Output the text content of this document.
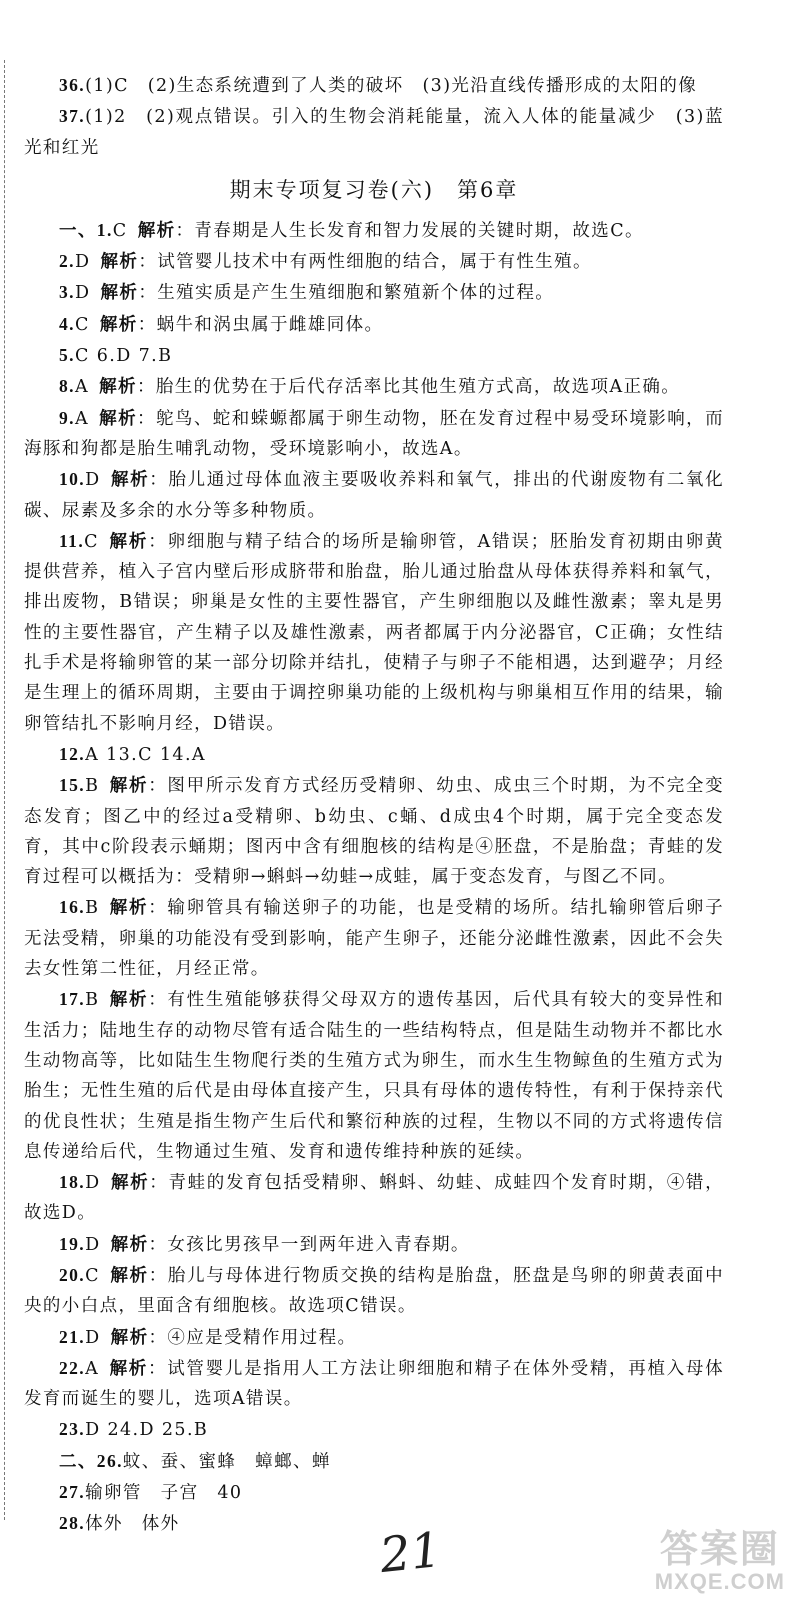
36.(1)C　(2)生态系统遭到了人类的破坏　(3)光沿直线传播形成的太阳的像

37.(1)2　(2)观点错误。引入的生物会消耗能量，流入人体的能量减少　(3)蓝光和红光

期末专项复习卷(六)　第6章

一、1.C  解析：青春期是人生长发育和智力发展的关键时期，故选C。

2.D  解析：试管婴儿技术中有两性细胞的结合，属于有性生殖。

3.D  解析：生殖实质是产生生殖细胞和繁殖新个体的过程。

4.C  解析：蜗牛和涡虫属于雌雄同体。

5.C 6.D 7.B

8.A  解析：胎生的优势在于后代存活率比其他生殖方式高，故选项A正确。

9.A  解析：鸵鸟、蛇和蝾螈都属于卵生动物，胚在发育过程中易受环境影响，而海豚和狗都是胎生哺乳动物，受环境影响小，故选A。

10.D  解析：胎儿通过母体血液主要吸收养料和氧气，排出的代谢废物有二氧化碳、尿素及多余的水分等多种物质。

11.C  解析：卵细胞与精子结合的场所是输卵管，A错误；胚胎发育初期由卵黄提供营养，植入子宫内壁后形成脐带和胎盘，胎儿通过胎盘从母体获得养料和氧气，排出废物，B错误；卵巢是女性的主要性器官，产生卵细胞以及雌性激素；睾丸是男性的主要性器官，产生精子以及雄性激素，两者都属于内分泌器官，C正确；女性结扎手术是将输卵管的某一部分切除并结扎，使精子与卵子不能相遇，达到避孕；月经是生理上的循环周期，主要由于调控卵巢功能的上级机构与卵巢相互作用的结果，输卵管结扎不影响月经，D错误。

12.A 13.C 14.A

15.B  解析：图甲所示发育方式经历受精卵、幼虫、成虫三个时期，为不完全变态发育；图乙中的经过a受精卵、b幼虫、c蛹、d成虫4个时期，属于完全变态发育，其中c阶段表示蛹期；图丙中含有细胞核的结构是④胚盘，不是胎盘；青蛙的发育过程可以概括为：受精卵→蝌蚪→幼蛙→成蛙，属于变态发育，与图乙不同。

16.B  解析：输卵管具有输送卵子的功能，也是受精的场所。结扎输卵管后卵子无法受精，卵巢的功能没有受到影响，能产生卵子，还能分泌雌性激素，因此不会失去女性第二性征，月经正常。

17.B  解析：有性生殖能够获得父母双方的遗传基因，后代具有较大的变异性和生活力；陆地生存的动物尽管有适合陆生的一些结构特点，但是陆生动物并不都比水生动物高等，比如陆生生物爬行类的生殖方式为卵生，而水生生物鲸鱼的生殖方式为胎生；无性生殖的后代是由母体直接产生，只具有母体的遗传特性，有利于保持亲代的优良性状；生殖是指生物产生后代和繁衍种族的过程，生物以不同的方式将遗传信息传递给后代，生物通过生殖、发育和遗传维持种族的延续。

18.D  解析：青蛙的发育包括受精卵、蝌蚪、幼蛙、成蛙四个发育时期，④错，故选D。

19.D  解析：女孩比男孩早一到两年进入青春期。

20.C  解析：胎儿与母体进行物质交换的结构是胎盘，胚盘是鸟卵的卵黄表面中央的小白点，里面含有细胞核。故选项C错误。

21.D  解析：④应是受精作用过程。

22.A  解析：试管婴儿是指用人工方法让卵细胞和精子在体外受精，再植入母体发育而诞生的婴儿，选项A错误。

23.D 24.D 25.B

二、26.蚊、蚕、蜜蜂　蟑螂、蝉

27.输卵管　子宫　40

28.体外　体外	21	答案圈
MXQE.COM
